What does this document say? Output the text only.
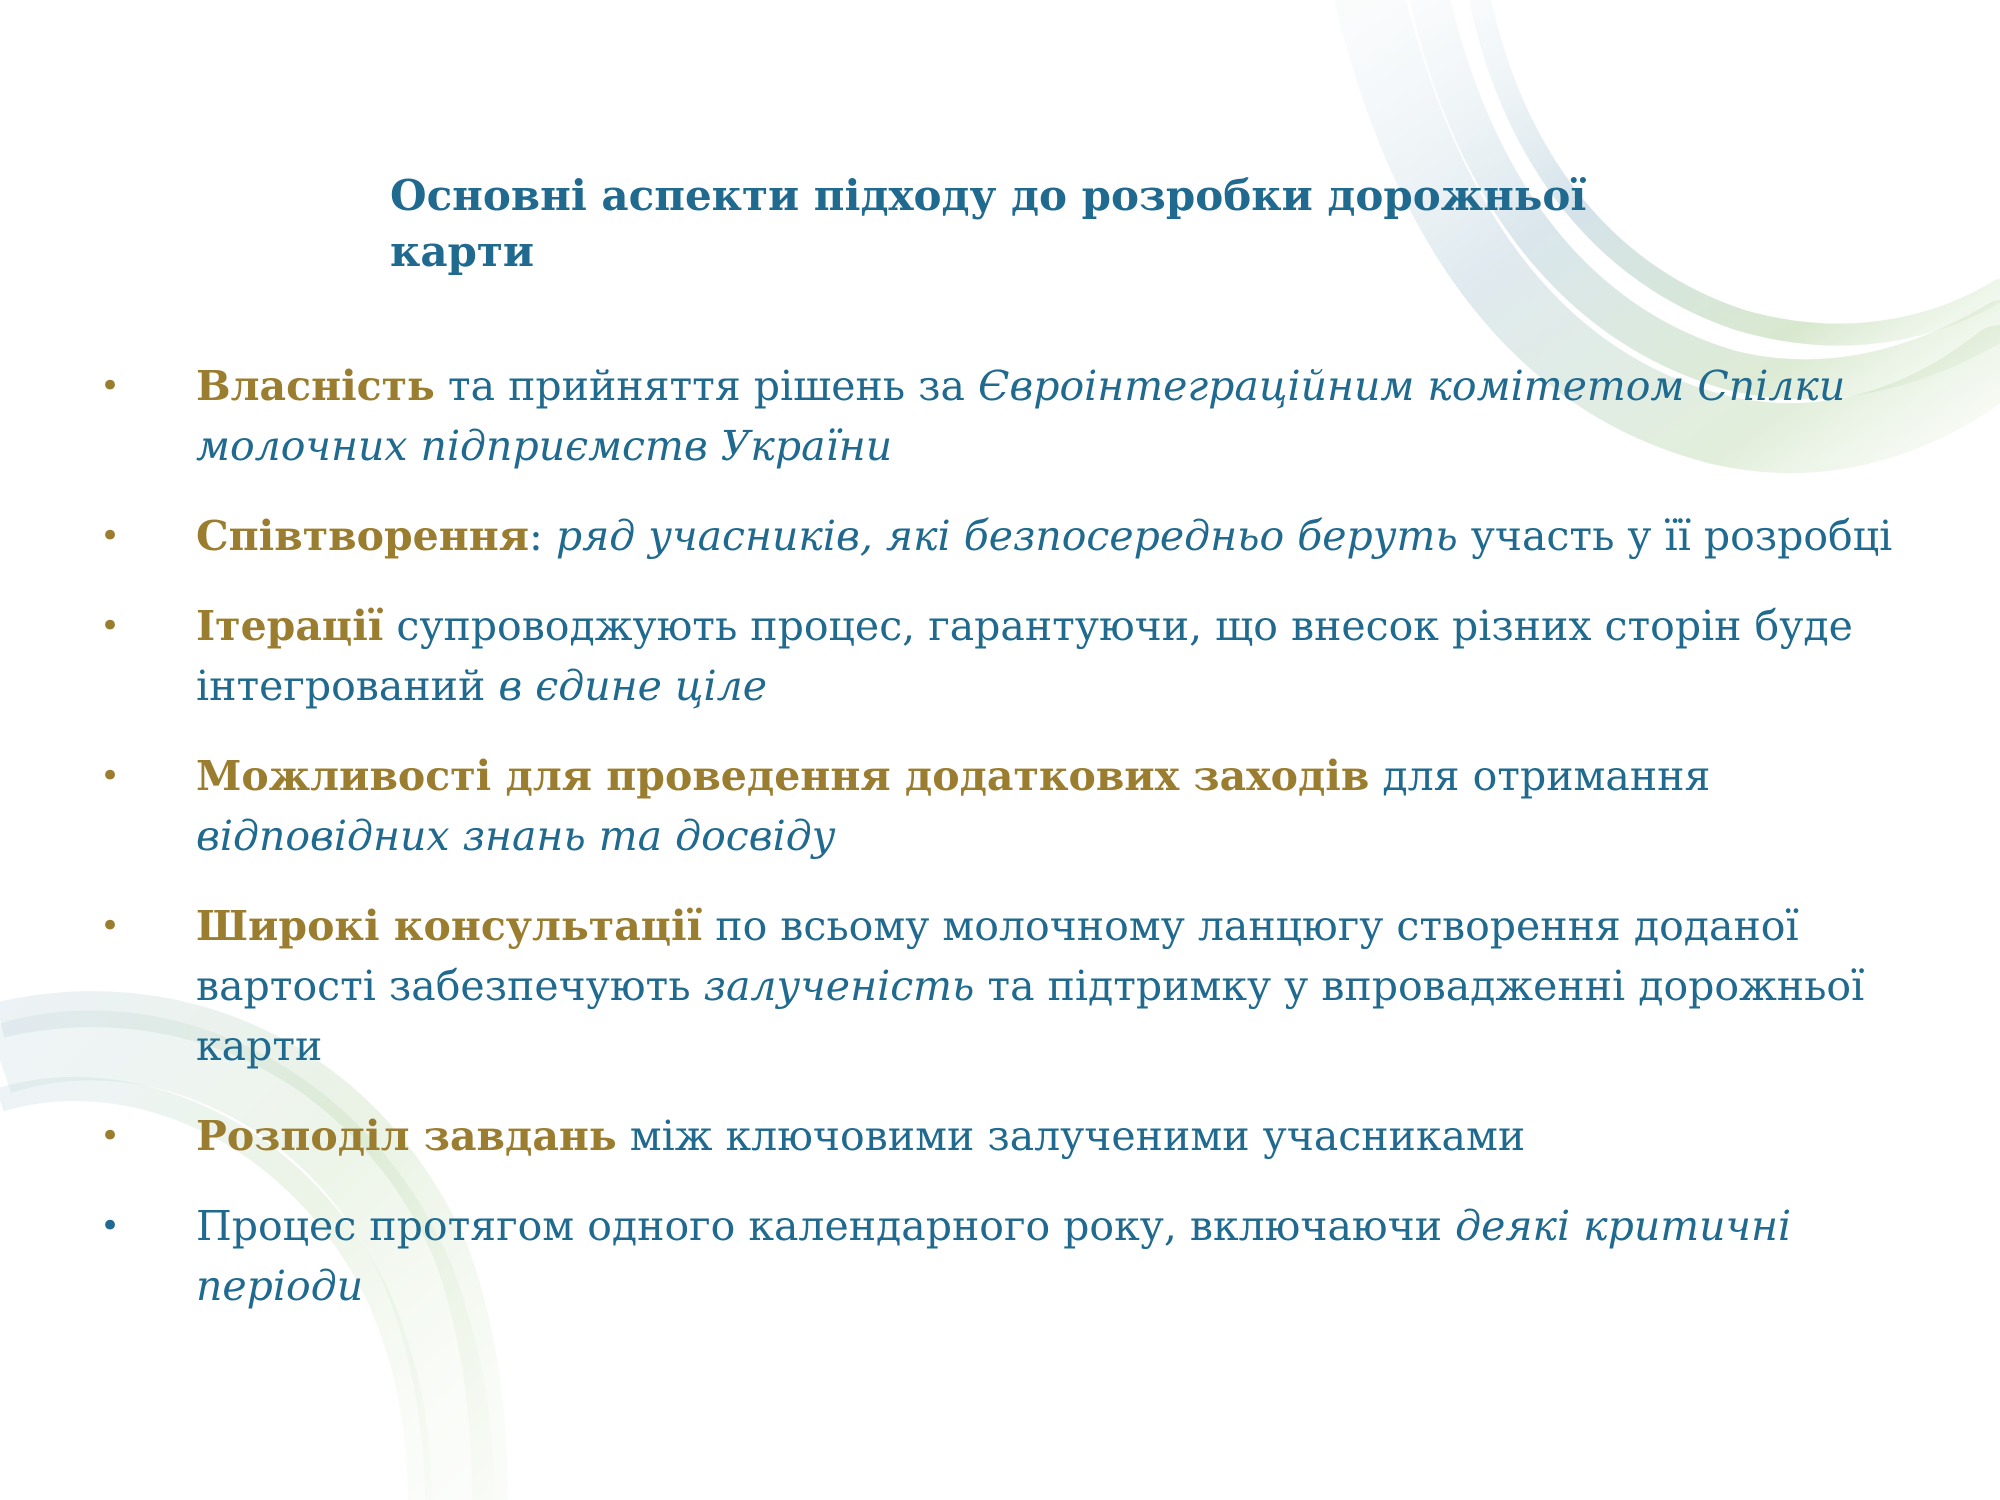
Основні аспекти підходу до розробки дорожньої карти
•	Власність та прийняття рішень за Євроінтеграційним комітетом Спілки молочних підприємств України
•	Співтворення: ряд учасників, які безпосередньо беруть участь у її розробці
•	Ітерації супроводжують процес, гарантуючи, що внесок різних сторін буде інтегрований в єдине ціле
•	Можливості для проведення додаткових заходів для отримання відповідних знань та досвіду
•	Широкі консультації по всьому молочному ланцюгу створення доданої вартості забезпечують залученість та підтримку у впровадженні дорожньої карти
•	Розподіл завдань між ключовими залученими учасниками
•	Процес протягом одного календарного року, включаючи деякі критичні періоди
